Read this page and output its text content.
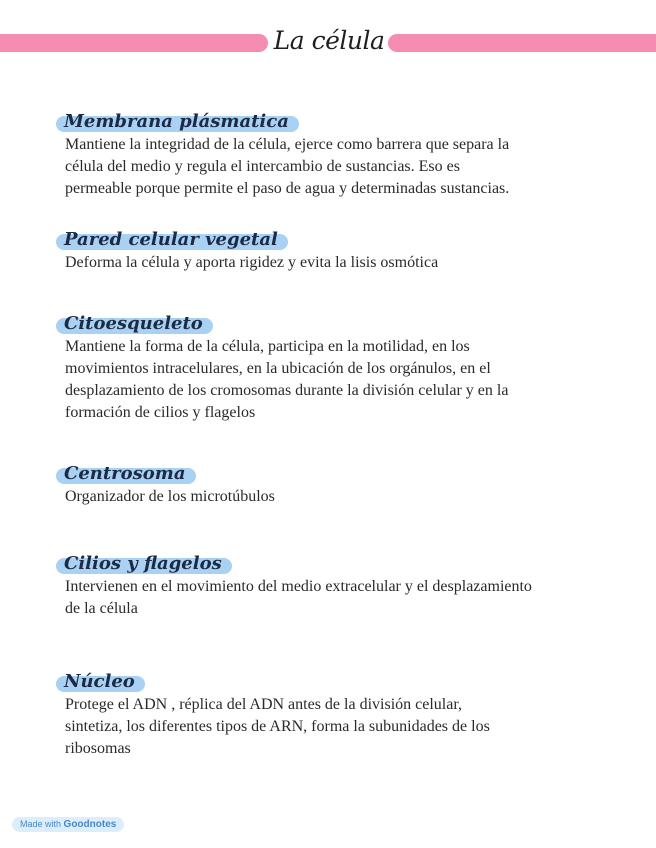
La célula
Membrana plásmatica
Mantiene la integridad de la célula, ejerce como barrera que separa la
célula del medio y regula el intercambio de sustancias. Eso es
permeable porque permite el paso de agua y determinadas sustancias.
Pared celular vegetal
Deforma la célula y aporta rigidez y evita la lisis osmótica
Citoesqueleto
Mantiene la forma de la célula, participa en la motilidad, en los
movimientos intracelulares, en la ubicación de los orgánulos, en el
desplazamiento de los cromosomas durante la división celular y en la
formación de cilios y flagelos
Centrosoma
Organizador de los microtúbulos
Cilios y flagelos
Intervienen en el movimiento del medio extracelular y el desplazamiento
de la célula
Núcleo
Protege el ADN , réplica del ADN antes de la división celular,
sintetiza, los diferentes tipos de ARN, forma la subunidades de los
ribosomas
Made with Goodnotes
